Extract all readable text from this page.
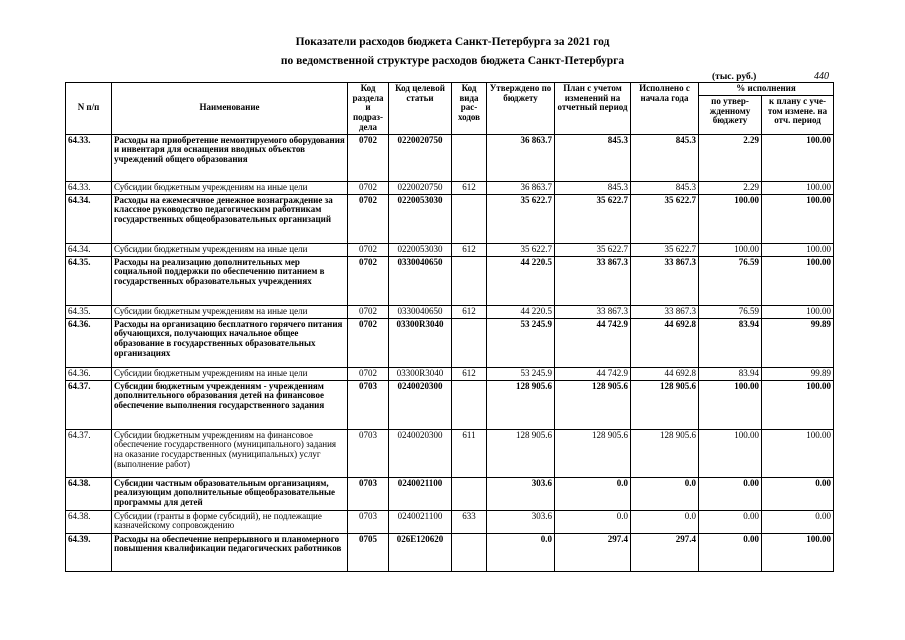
Показатели расходов бюджета Санкт-Петербурга за 2021 год
по ведомственной структуре расходов бюджета Санкт-Петербурга
(тыс. руб.)	440
N п/п	Наименование	Код раздела и подраз-дела	Код целевой статьи	Код вида рас-ходов	Утверждено по бюджету	План с учетом изменений на отчетный период	Исполнено с начала года	% исполнения	
								по утвер-жденному бюджету	к плану с уче-том измене. на отч. период
64.33.	Расходы на приобретение немонтируемого оборудования и инвентаря для оснащения вводных объектов учреждений общего образования	0702	0220020750		36 863.7	845.3	845.3	2.29	100.00
64.33.	Субсидии бюджетным учреждениям на иные цели	0702	0220020750	612	36 863.7	845.3	845.3	2.29	100.00
64.34.	Расходы на ежемесячное денежное вознаграждение за классное руководство педагогическим работникам государственных общеобразовательных организаций	0702	0220053030		35 622.7	35 622.7	35 622.7	100.00	100.00
64.34.	Субсидии бюджетным учреждениям на иные цели	0702	0220053030	612	35 622.7	35 622.7	35 622.7	100.00	100.00
64.35.	Расходы на реализацию дополнительных мер социальной поддержки по обеспечению питанием в государственных образовательных учреждениях	0702	0330040650		44 220.5	33 867.3	33 867.3	76.59	100.00
64.35.	Субсидии бюджетным учреждениям на иные цели	0702	0330040650	612	44 220.5	33 867.3	33 867.3	76.59	100.00
64.36.	Расходы на организацию бесплатного горячего питания обучающихся, получающих начальное общее образование в государственных образовательных организациях	0702	03300R3040		53 245.9	44 742.9	44 692.8	83.94	99.89
64.36.	Субсидии бюджетным учреждениям на иные цели	0702	03300R3040	612	53 245.9	44 742.9	44 692.8	83.94	99.89
64.37.	Субсидии бюджетным учреждениям - учреждениям дополнительного образования детей на финансовое обеспечение выполнения государственного задания	0703	0240020300		128 905.6	128 905.6	128 905.6	100.00	100.00
64.37.	Субсидии бюджетным учреждениям на финансовое обеспечение государственного (муниципального) задания на оказание государственных (муниципальных) услуг (выполнение работ)	0703	0240020300	611	128 905.6	128 905.6	128 905.6	100.00	100.00
64.38.	Субсидии частным образовательным организациям, реализующим дополнительные общеобразовательные программы для детей	0703	0240021100		303.6	0.0	0.0	0.00	0.00
64.38.	Субсидии (гранты в форме субсидий), не подлежащие казначейскому сопровождению	0703	0240021100	633	303.6	0.0	0.0	0.00	0.00
64.39.	Расходы на обеспечение непрерывного и планомерного повышения квалификации педагогических работников	0705	026E120620		0.0	297.4	297.4	0.00	100.00
